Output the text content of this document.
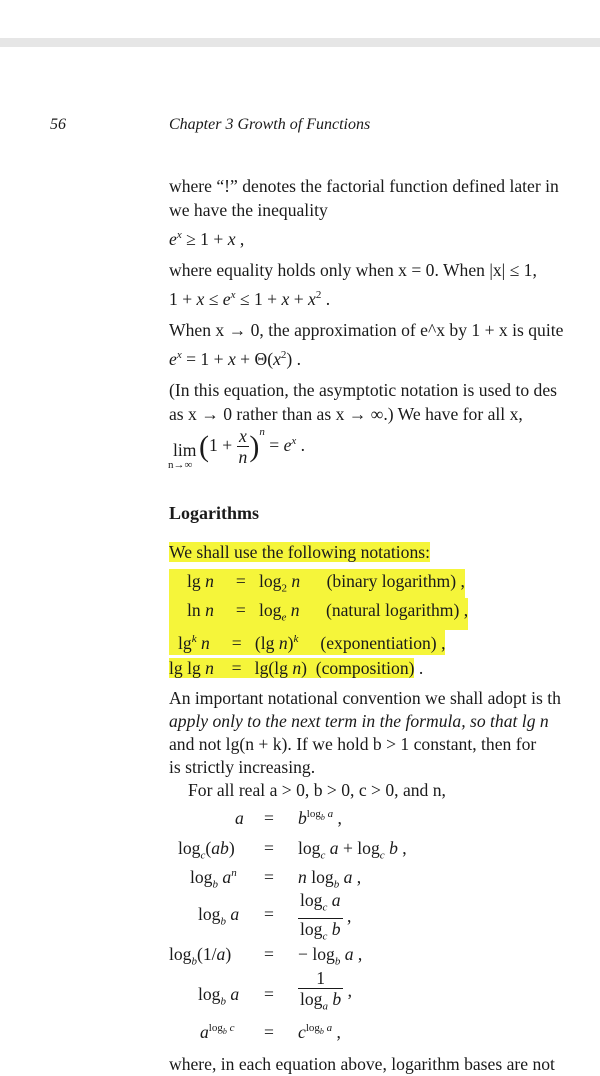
56	Chapter 3 Growth of Functions
where “!” denotes the factorial function defined later in
we have the inequality
$e^x \ge 1 + x$ ,
where equality holds only when x = 0. When |x| ≤ 1,
$1 + x \le e^x \le 1 + x + x^2$ .
When x → 0, the approximation of e^x by 1 + x is quite
$e^x = 1 + x + \Theta(x^2)$ .
(In this equation, the asymptotic notation is used to des
as x → 0 rather than as x → ∞.) We have for all x,
lim
n→∞
$(1 + \frac{x}{n} )^n = e^x$ .
Logarithms
We shall use the following notations:
lg n     =   $\log_2 n$ (binary logarithm) ,
ln n     =   $\log_e n$ (natural logarithm) ,
$\lg^k n$     =   (lg n)$^k$ (exponentiation) ,
lg lg n    =   lg(lg n)  (composition) .
An important notational convention we shall adopt is th
apply only to the next term in the formula, so that lg n
and not lg(n + k). If we hold b > 1 constant, then for
is strictly increasing.
For all real a > 0, b > 0, c > 0, and n,
$a = b^{log_b a}$ ,
$\log_c(ab) = \log_c a + \log_c b$ ,
$\log_b a^n = n$ $\log_b a$ ,
$\log_b a = \frac{\log_c a}{\log_c b}$ ,
$\log_b(1/a)$ = − $\log_b a$ ,
$\log_b a = \frac{1}{\log_a b}$ ,
$a^{log_b c} = c^{log_b a}$ ,
where, in each equation above, logarithm bases are not
